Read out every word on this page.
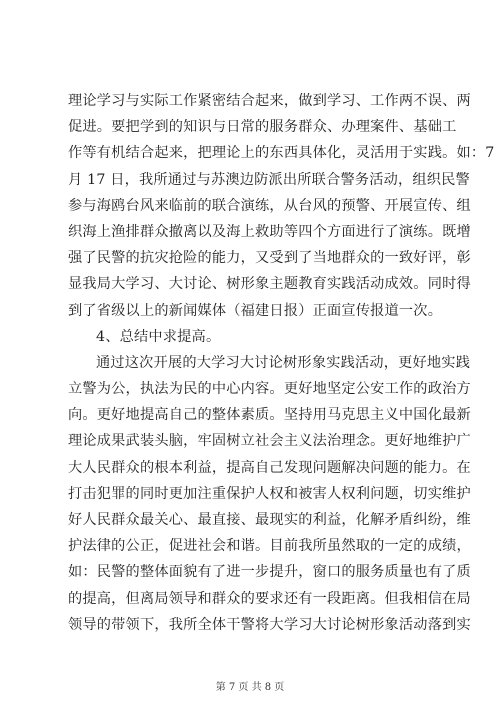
理论学习与实际工作紧密结合起来，做到学习、工作两不误、两
促进。要把学到的知识与日常的服务群众、办理案件、基础工
作等有机结合起来，把理论上的东西具体化，灵活用于实践。如：7
月 17 日，我所通过与苏澳边防派出所联合警务活动，组织民警
参与海鸥台风来临前的联合演练，从台风的预警、开展宣传、组
织海上渔排群众撤离以及海上救助等四个方面进行了演练。既增
强了民警的抗灾抢险的能力，又受到了当地群众的一致好评，彰
显我局大学习、大讨论、树形象主题教育实践活动成效。同时得
到了省级以上的新闻媒体（福建日报）正面宣传报道一次。
4、总结中求提高。
通过这次开展的大学习大讨论树形象实践活动，更好地实践
立警为公，执法为民的中心内容。更好地坚定公安工作的政治方
向。更好地提高自己的整体素质。坚持用马克思主义中国化最新
理论成果武装头脑，牢固树立社会主义法治理念。更好地维护广
大人民群众的根本利益，提高自己发现问题解决问题的能力。在
打击犯罪的同时更加注重保护人权和被害人权利问题，切实维护
好人民群众最关心、最直接、最现实的利益，化解矛盾纠纷，维
护法律的公正，促进社会和谐。目前我所虽然取的一定的成绩，
如：民警的整体面貌有了进一步提升，窗口的服务质量也有了质
的提高，但离局领导和群众的要求还有一段距离。但我相信在局
领导的带领下，我所全体干警将大学习大讨论树形象活动落到实
第 7 页 共 8 页
